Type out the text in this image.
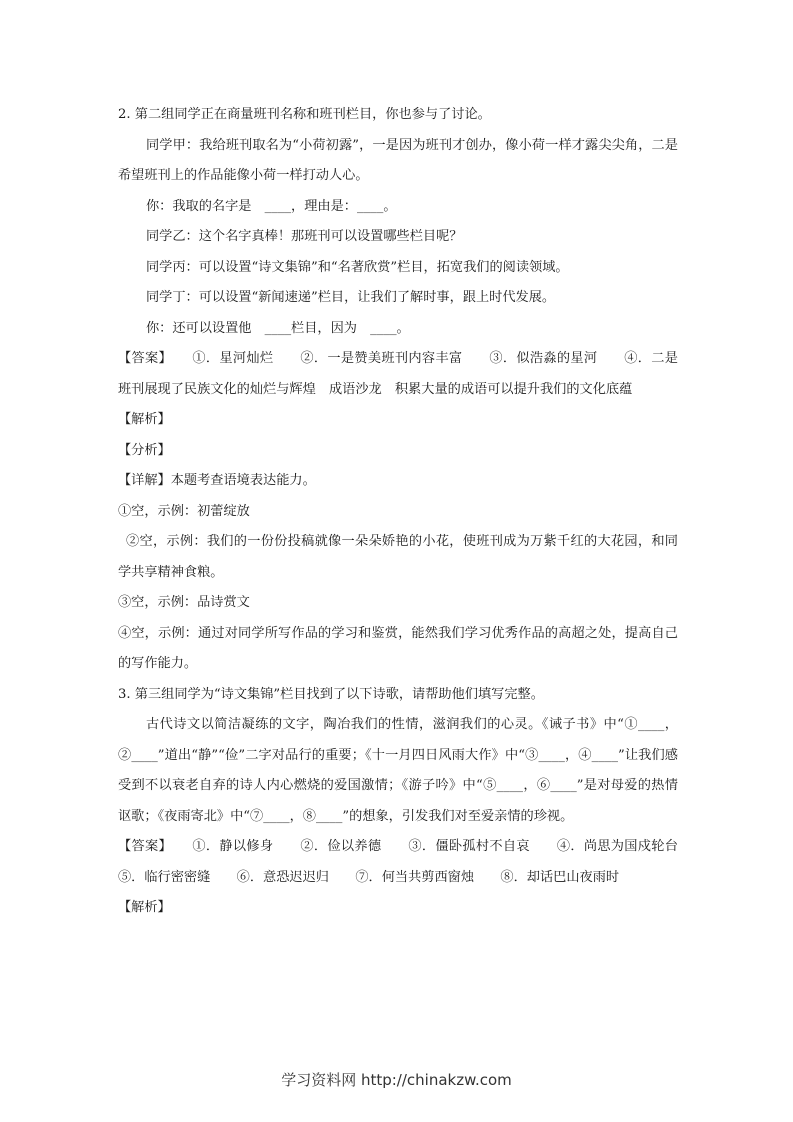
2. 第二组同学正在商量班刊名称和班刊栏目，你也参与了讨论。

同学甲：我给班刊取名为“小荷初露”，一是因为班刊才创办，像小荷一样才露尖尖角，二是希望班刊上的作品能像小荷一样打动人心。

你：我取的名字是　____，理由是：____。

同学乙：这个名字真棒！那班刊可以设置哪些栏目呢？

同学丙：可以设置“诗文集锦”和“名著欣赏”栏目，拓宽我们的阅读领域。

同学丁：可以设置“新闻速递”栏目，让我们了解时事，跟上时代发展。

你：还可以设置他　____栏目，因为　____。

【答案】　　①．星河灿烂　　②．一是赞美班刊内容丰富　　③．似浩淼的星河　　④．二是班刊展现了民族文化的灿烂与辉煌　成语沙龙　积累大量的成语可以提升我们的文化底蕴

【解析】

【分析】

【详解】本题考查语境表达能力。

①空，示例：初蕾绽放

②空，示例：我们的一份份投稿就像一朵朵娇艳的小花，使班刊成为万紫千红的大花园，和同学共享精神食粮。

③空，示例：品诗赏文

④空，示例：通过对同学所写作品的学习和鉴赏，能然我们学习优秀作品的高超之处，提高自己的写作能力。

3. 第三组同学为“诗文集锦”栏目找到了以下诗歌，请帮助他们填写完整。

古代诗文以简洁凝练的文字，陶冶我们的性情，滋润我们的心灵。《诫子书》中“①____，②____”道出“静”“俭”二字对品行的重要；《十一月四日风雨大作》中“③____，④____”让我们感受到不以衰老自弃的诗人内心燃烧的爱国激情；《游子吟》中“⑤____，⑥____”是对母爱的热情讴歌；《夜雨寄北》中“⑦____，⑧____”的想象，引发我们对至爱亲情的珍视。

【答案】　　①．静以修身　　②．俭以养德　　③．僵卧孤村不自哀　　④．尚思为国戍轮台　　⑤．临行密密缝　　⑥．意恐迟迟归　　⑦．何当共剪西窗烛　　⑧．却话巴山夜雨时

【解析】

学习资料网 http://chinakzw.com
